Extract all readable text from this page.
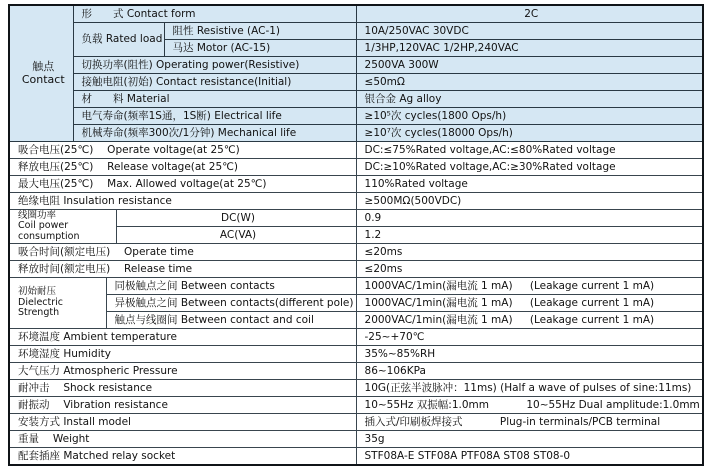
触点
Contact	形　　式 Contact form				2C
	负载 Rated load			阻性 Resistive (AC-1)	10A/250VAC 30VDC
				马达 Motor (AC-15)	1/3HP,120VAC 1/2HP,240VAC
	切换功率(阻性) Operating power(Resistive)				2500VA 300W
	接触电阻(初始) Contact resistance(Initial)				≤50mΩ
	材　　料 Material				银合金 Ag alloy
	电气寿命(频率1S通，1S断) Electrical life				≥10⁵次 cycles(1800 Ops/h)
	机械寿命(频率300次/1分钟) Mechanical life				≥10⁷次 cycles(18000 Ops/h)
吸合电压(25℃)　 Operate voltage(at 25℃)					DC:≤75%Rated voltage,AC:≤80%Rated voltage
释放电压(25℃)　 Release voltage(at 25℃)					DC:≥10%Rated voltage,AC:≥30%Rated voltage
最大电压(25℃)　 Max. Allowed voltage(at 25℃)					110%Rated voltage
绝缘电阻 Insulation resistance					≥500MΩ(500VDC)

线圈功率
Coil power
consumption			DC(W)		0.9
			AC(VA)		1.2
吸合时间(额定电压)　 Operate time					≤20ms
释放时间(额定电压)　 Release time					≤20ms

初始耐压
Dielectric
Strength		同极触点之间 Between contacts			1000VAC/1min(漏电流 1 mA) (Leakage current 1 mA)
		异极触点之间 Between contacts(different pole)			1000VAC/1min(漏电流 1 mA) (Leakage current 1 mA)
		触点与线圈间 Between contact and coil			2000VAC/1min(漏电流 1 mA) (Leakage current 1 mA)
环境温度 Ambient temperature					-25~+70℃
环境湿度 Humidity					35%~85%RH
大气压力 Atmospheric Pressure					86~106KPa
耐冲击　 Shock resistance					10G(正弦半波脉冲：11ms) (Half a wave of pulses of sine:11ms)
耐振动　 Vibration resistance					10~55Hz 双振幅:1.0mm 10~55Hz Dual amplitude:1.0mm
安装方式 Install model					插入式/印刷板焊接式 Plug-in terminals/PCB terminal
重量　 Weight					35g
配套插座 Matched relay socket					STF08A-E STF08A PTF08A ST08 ST08-0
